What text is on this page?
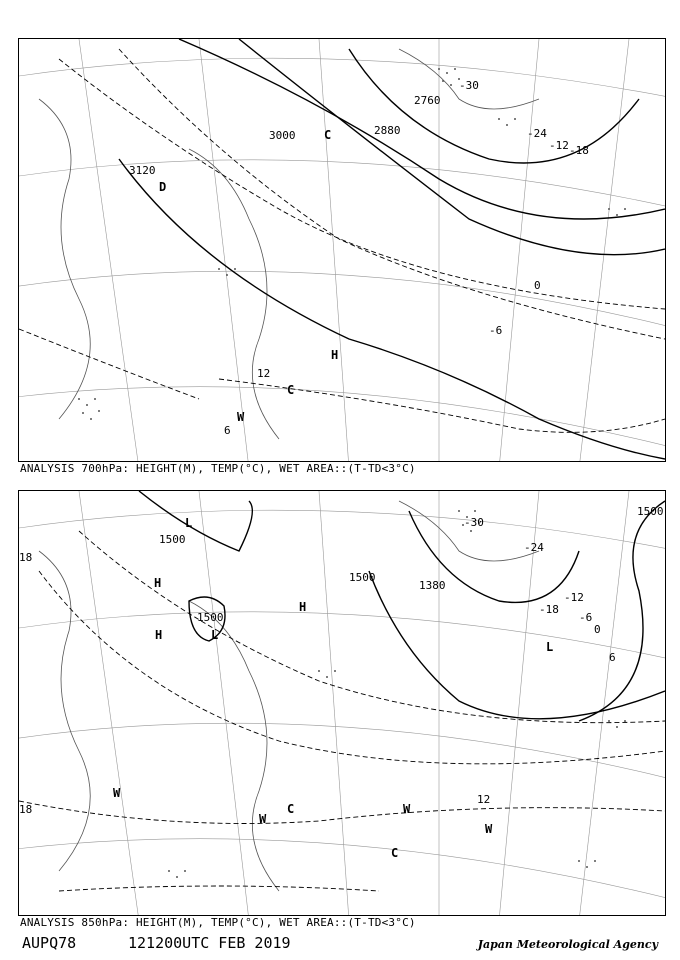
3120
3000	2880
2760
0
-6
-12 -18
-24
-30
12
6
H
W
C
C
D
ANALYSIS 700hPa: HEIGHT(M), TEMP(°C), WET AREA::(T-TD<3°C)
1500
1500
1500
1380
1500
18
18
12
6
0
-6
-12
-18
-24
-30
H
H
H
L
L
L
W
W
W
W
C
C
ANALYSIS 850hPa: HEIGHT(M), TEMP(°C), WET AREA::(T-TD<3°C)
AUPQ78	121200UTC FEB 2019	Japan Meteorological Agency
